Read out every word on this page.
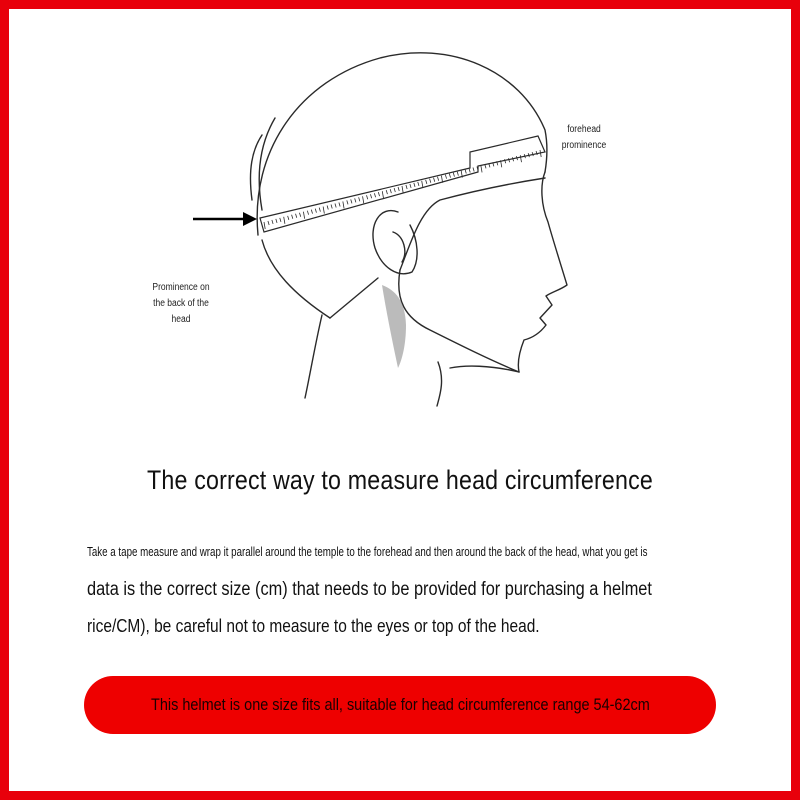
forehead prominence
Prominence on the back of the head
The correct way to measure head circumference
Take a tape measure and wrap it parallel around the temple to the forehead and then around the back of the head, what you get is
data is the correct size (cm) that needs to be provided for purchasing a helmet
rice/CM), be careful not to measure to the eyes or top of the head.
This helmet is one size fits all, suitable for head circumference range 54-62cm
